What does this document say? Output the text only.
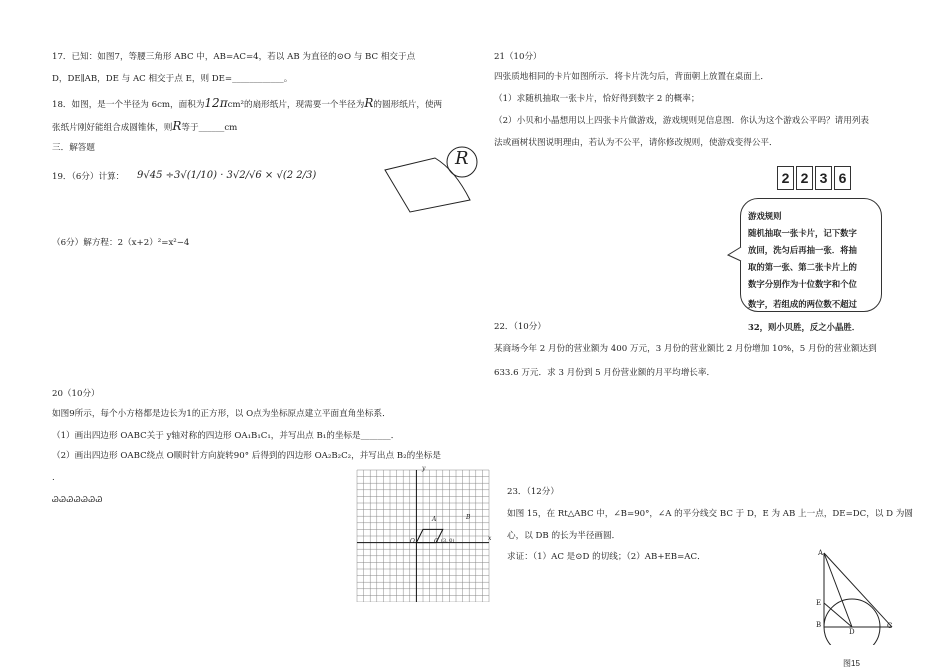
17．已知：如图7，等腰三角形 ABC 中，AB=AC=4，若以 AB 为直径的⊙O 与 BC 相交于点
D，DE∥AB，DE 与 AC 相交于点 E，则 DE=____________。
18．如图，是一个半径为 6cm，面积为12πcm²的扇形纸片，现需要一个半径为R的圆形纸片，使两
张纸片刚好能组合成圆锥体，则R等于______cm
三．解答题
19．（6分）计算： 9√45 ÷3√(1/10) · 3√2/√6 × √(2 2/3)
（6分）解方程：2（x+2）²=x²−4
R
20（10分）
如图9所示，每个小方格都是边长为1的正方形，以 O点为坐标原点建立平面直角坐标系．
（1）画出四边形 OABC关于 y轴对称的四边形 OA₁B₁C₁，并写出点 B₁的坐标是_______．
（2）画出四边形 OABC绕点 O顺时针方向旋转90° 后得到的四边形 OA₂B₂C₂，并写出点 B₂的坐标是
.
Ꮚ Ꮚ Ꮚ Ꮚ Ꮚ Ꮚ Ꮚ
y
x
O
A	B
C (3, 0)
21（10分）
四张质地相同的卡片如图所示．将卡片洗匀后，背面朝上放置在桌面上．
（1）求随机抽取一张卡片，恰好得到数字 2 的概率；
（2）小贝和小晶想用以上四张卡片做游戏，游戏规则见信息图．你认为这个游戏公平吗？请用列表
法或画树状图说明理由，若认为不公平，请你修改规则，使游戏变得公平．
2 2 3 6
游戏规则
随机抽取一张卡片，记下数字
放回，洗匀后再抽一张．将抽
取的第一张、第二张卡片上的
数字分别作为十位数字和个位
数字，若组成的两位数不超过
32，则小贝胜，反之小晶胜．
22．（10分）
某商场今年 2 月份的营业额为 400 万元，3 月份的营业额比 2 月份增加 10%，5 月份的营业额达到
633.6 万元．求 3 月份到 5 月份营业额的月平均增长率．
23．（12分）
如图 15，在 Rt△ABC 中，∠B=90°，∠A 的平分线交 BC 于 D，E 为 AB 上一点，DE=DC，以 D 为圆
心，以 DB 的长为半径画圆．
求证：（1）AC 是⊙D 的切线；（2）AB+EB=AC．	A
E
B
D
C
图15
